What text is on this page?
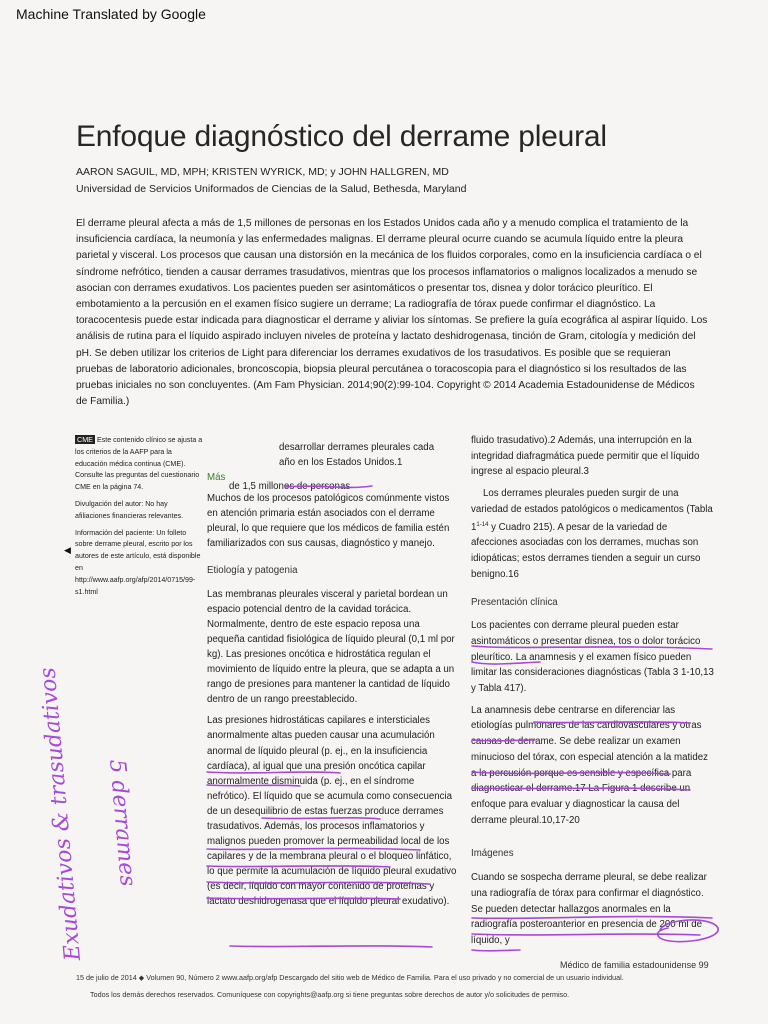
Machine Translated by Google
Enfoque diagnóstico del derrame pleural
AARON SAGUIL, MD, MPH; KRISTEN WYRICK, MD; y JOHN HALLGREN, MD
Universidad de Servicios Uniformados de Ciencias de la Salud, Bethesda, Maryland

El derrame pleural afecta a más de 1,5 millones de personas en los Estados Unidos cada año y a menudo complica el tratamiento de la insuficiencia cardíaca, la neumonía y las enfermedades malignas. El derrame pleural ocurre cuando se acumula líquido entre la pleura parietal y visceral. Los procesos que causan una distorsión en la mecánica de los fluidos corporales, como en la insuficiencia cardíaca o el síndrome nefrótico, tienden a causar derrames trasudativos, mientras que los procesos inflamatorios o malignos localizados a menudo se asocian con derrames exudativos. Los pacientes pueden ser asintomáticos o presentar tos, disnea y dolor torácico pleurítico. El embotamiento a la percusión en el examen físico sugiere un derrame; La radiografía de tórax puede confirmar el diagnóstico. La toracocentesis puede estar indicada para diagnosticar el derrame y aliviar los síntomas. Se prefiere la guía ecográfica al aspirar líquido. Los análisis de rutina para el líquido aspirado incluyen niveles de proteína y lactato deshidrogenasa, tinción de Gram, citología y medición del pH. Se deben utilizar los criterios de Light para diferenciar los derrames exudativos de los trasudativos. Es posible que se requieran pruebas de laboratorio adicionales, broncoscopia, biopsia pleural percutánea o toracoscopia para el diagnóstico si los resultados de las pruebas iniciales no son concluyentes. (Am Fam Physician. 2014;90(2):99-104. Copyright © 2014 Academia Estadounidense de Médicos de Familia.)

CME Este contenido clínico se ajusta a los criterios de la AAFP para la educación médica continua (CME). Consulte las preguntas del cuestionario CME en la página 74.

Divulgación del autor: No hay afiliaciones financieras relevantes.

Información del paciente: Un folleto sobre derrame pleural, escrito por los autores de este artículo, está disponible en http://www.aafp.org/afp/2014/0715/99-s1.html

◀
Más
desarrollar derrames pleurales cada año en los Estados Unidos.1

de 1,5 millones de personas

Muchos de los procesos patológicos comúnmente vistos en atención primaria están asociados con el derrame pleural, lo que requiere que los médicos de familia estén familiarizados con sus causas, diagnóstico y manejo.

Etiología y patogenia

Las membranas pleurales visceral y parietal bordean un espacio potencial dentro de la cavidad torácica. Normalmente, dentro de este espacio reposa una pequeña cantidad fisiológica de líquido pleural (0,1 ml por kg). Las presiones oncótica e hidrostática regulan el movimiento de líquido entre la pleura, que se adapta a un rango de presiones para mantener la cantidad de líquido dentro de un rango preestablecido.

Las presiones hidrostáticas capilares e intersticiales anormalmente altas pueden causar una acumulación anormal de líquido pleural (p. ej., en la insuficiencia cardíaca), al igual que una presión oncótica capilar anormalmente disminuida (p. ej., en el síndrome nefrótico). El líquido que se acumula como consecuencia de un desequilibrio de estas fuerzas produce derrames trasudativos. Además, los procesos inflamatorios y malignos pueden promover la permeabilidad local de los capilares y de la membrana pleural o el bloqueo linfático, lo que permite la acumulación de líquido pleural exudativo (es decir, líquido con mayor contenido de proteínas y lactato deshidrogenasa que el líquido pleural exudativo).

fluido trasudativo).2 Además, una interrupción en la integridad diafragmática puede permitir que el líquido ingrese al espacio pleural.3

Los derrames pleurales pueden surgir de una variedad de estados patológicos o medicamentos (Tabla 1$^{1-14}$ y Cuadro 215). A pesar de la variedad de afecciones asociadas con los derrames, muchas son idiopáticas; estos derrames tienden a seguir un curso benigno.16

Presentación clínica

Los pacientes con derrame pleural pueden estar asintomáticos o presentar disnea, tos o dolor torácico pleurítico. La anamnesis y el examen físico pueden limitar las consideraciones diagnósticas (Tabla 3 1-10,13 y Tabla 417).

La anamnesis debe centrarse en diferenciar las etiologías pulmonares de las cardiovasculares y otras causas de derrame. Se debe realizar un examen minucioso del tórax, con especial atención a la matidez a la percusión porque es sensible y específica para diagnosticar el derrame.17 La Figura 1 describe un enfoque para evaluar y diagnosticar la causa del derrame pleural.10,17-20

Imágenes

Cuando se sospecha derrame pleural, se debe realizar una radiografía de tórax para confirmar el diagnóstico. Se pueden detectar hallazgos anormales en la radiografía posteroanterior en presencia de 200 ml de líquido, y

15 de julio de 2014 ◆ Volumen 90, Número 2 www.aafp.org/afp Descargado del sitio web de Médico de Familia. Para el uso privado y no comercial de un usuario individual.
Médico de familia estadounidense 99
Todos los demás derechos reservados. Comuníquese con copyrights@aafp.org si tiene preguntas sobre derechos de autor y/o solicitudes de permiso.
Exudativos & trasudativos 5 derrames
